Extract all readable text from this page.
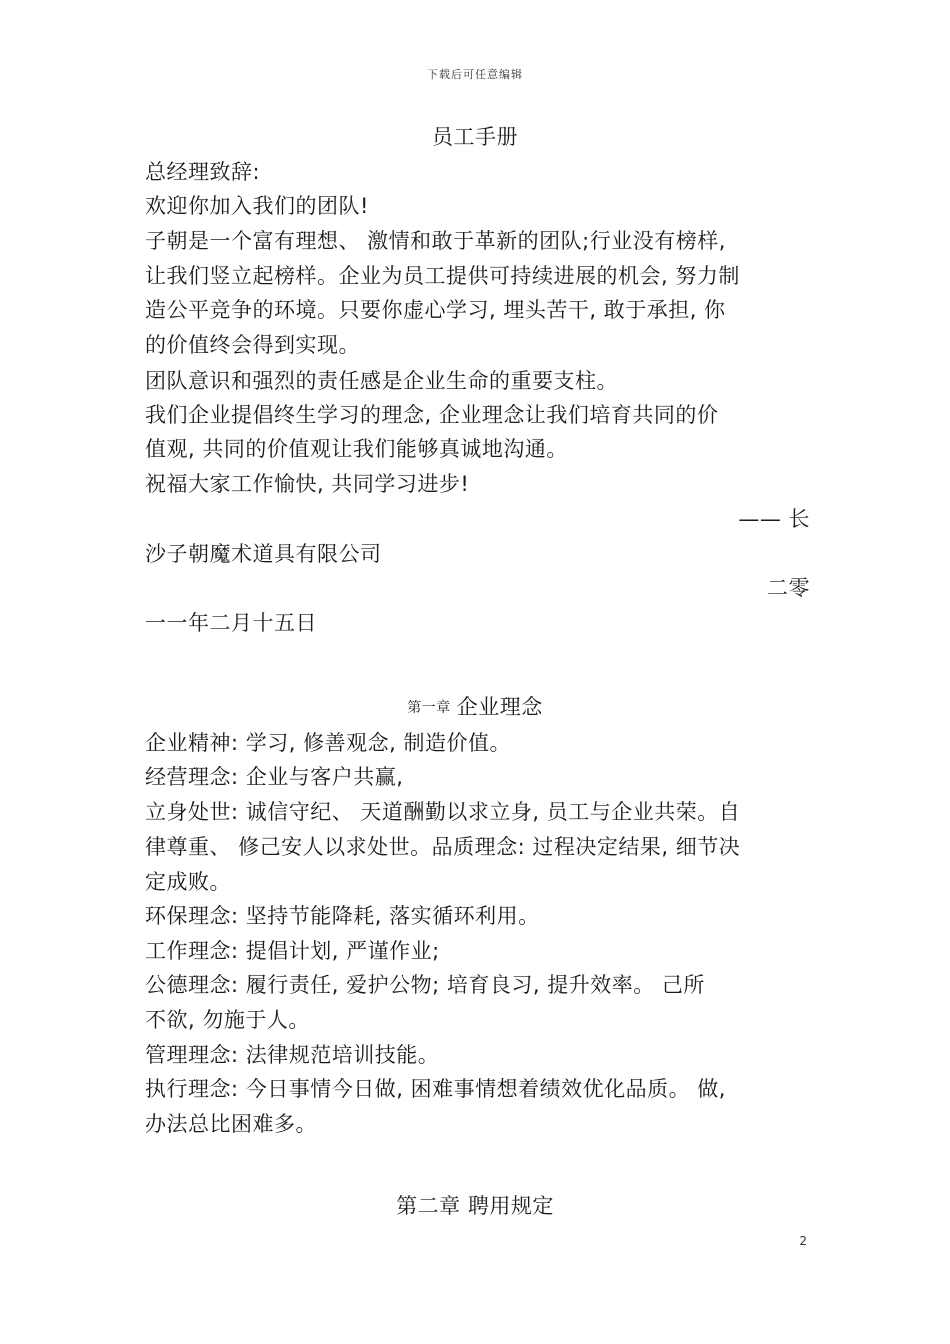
下载后可任意编辑
员工手册
总经理致辞:
欢迎你加入我们的团队!
子朝是一个富有理想、 激情和敢于革新的团队;行业没有榜样,
让我们竖立起榜样。企业为员工提供可持续进展的机会, 努力制
造公平竞争的环境。只要你虚心学习, 埋头苦干, 敢于承担, 你
的价值终会得到实现。
团队意识和强烈的责任感是企业生命的重要支柱。
我们企业提倡终生学习的理念, 企业理念让我们培育共同的价
值观, 共同的价值观让我们能够真诚地沟通。
祝福大家工作愉快, 共同学习进步!
—— 长
沙子朝魔术道具有限公司
二零
一一年二月十五日
第一章 企业理念
企业精神: 学习, 修善观念, 制造价值。
经营理念: 企业与客户共赢,
立身处世: 诚信守纪、 天道酬勤以求立身, 员工与企业共荣。自
律尊重、 修己安人以求处世。品质理念: 过程决定结果, 细节决
定成败。
环保理念: 坚持节能降耗, 落实循环利用。
工作理念: 提倡计划, 严谨作业;
公德理念: 履行责任, 爱护公物; 培育良习, 提升效率。 己所
不欲, 勿施于人。
管理理念: 法律规范培训技能。
执行理念: 今日事情今日做, 困难事情想着绩效优化品质。 做,
办法总比困难多。
第二章 聘用规定
2
